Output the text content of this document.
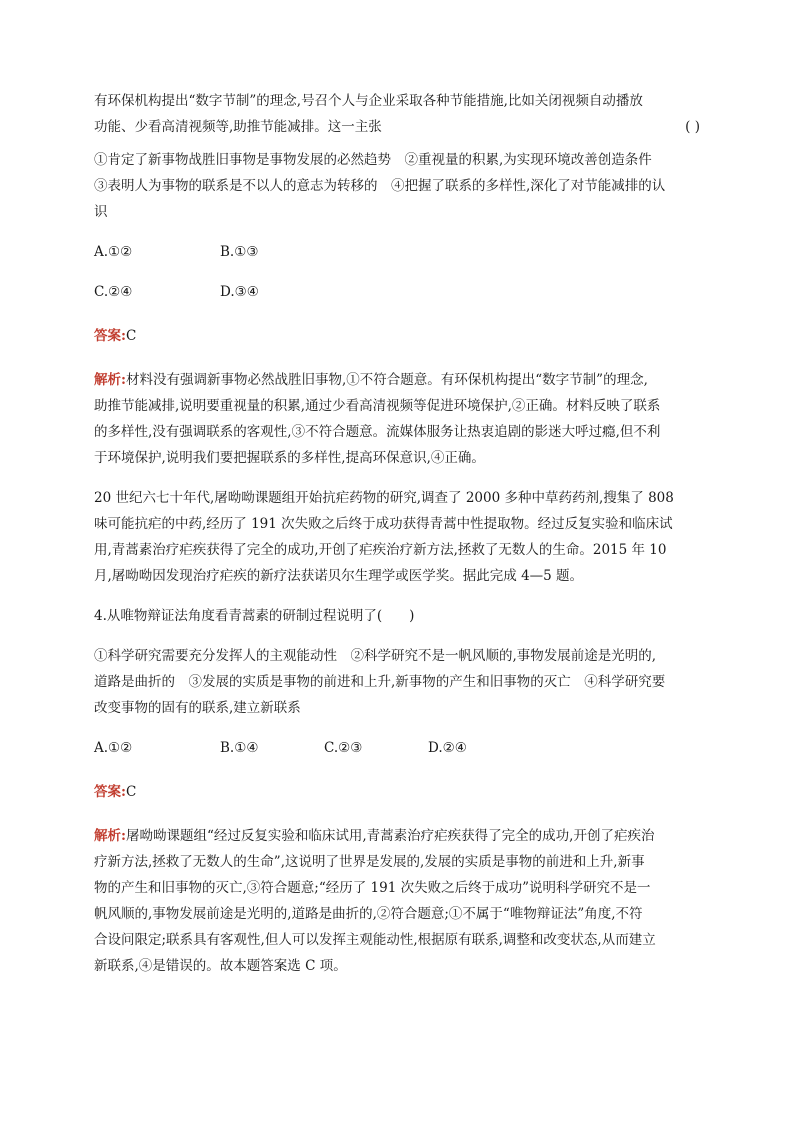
有环保机构提出“数字节制”的理念,号召个人与企业采取各种节能措施,比如关闭视频自动播放

功能、少看高清视频等,助推节能减排。这一主张	( )

①肯定了新事物战胜旧事物是事物发展的必然趋势　②重视量的积累,为实现环境改善创造条件

③表明人为事物的联系是不以人的意志为转移的　④把握了联系的多样性,深化了对节能减排的认

识

A.①②	B.①③
C.②④	D.③④

答案:C

解析:材料没有强调新事物必然战胜旧事物,①不符合题意。有环保机构提出“数字节制”的理念,

助推节能减排,说明要重视量的积累,通过少看高清视频等促进环境保护,②正确。材料反映了联系

的多样性,没有强调联系的客观性,③不符合题意。流媒体服务让热衷追剧的影迷大呼过瘾,但不利

于环境保护,说明我们要把握联系的多样性,提高环保意识,④正确。

20 世纪六七十年代,屠呦呦课题组开始抗疟药物的研究,调查了 2000 多种中草药药剂,搜集了 808

味可能抗疟的中药,经历了 191 次失败之后终于成功获得青蒿中性提取物。经过反复实验和临床试

用,青蒿素治疗疟疾获得了完全的成功,开创了疟疾治疗新方法,拯救了无数人的生命。2015 年 10

月,屠呦呦因发现治疗疟疾的新疗法获诺贝尔生理学或医学奖。据此完成 4—5 题。

4.从唯物辩证法角度看青蒿素的研制过程说明了(　　)

①科学研究需要充分发挥人的主观能动性　②科学研究不是一帆风顺的,事物发展前途是光明的,

道路是曲折的　③发展的实质是事物的前进和上升,新事物的产生和旧事物的灭亡　④科学研究要

改变事物的固有的联系,建立新联系

A.①②	B.①④	C.②③	D.②④

答案:C

解析:屠呦呦课题组“经过反复实验和临床试用,青蒿素治疗疟疾获得了完全的成功,开创了疟疾治

疗新方法,拯救了无数人的生命”,这说明了世界是发展的,发展的实质是事物的前进和上升,新事

物的产生和旧事物的灭亡,③符合题意;“经历了 191 次失败之后终于成功”说明科学研究不是一

帆风顺的,事物发展前途是光明的,道路是曲折的,②符合题意;①不属于“唯物辩证法”角度,不符

合设问限定;联系具有客观性,但人可以发挥主观能动性,根据原有联系,调整和改变状态,从而建立

新联系,④是错误的。故本题答案选 C 项。
